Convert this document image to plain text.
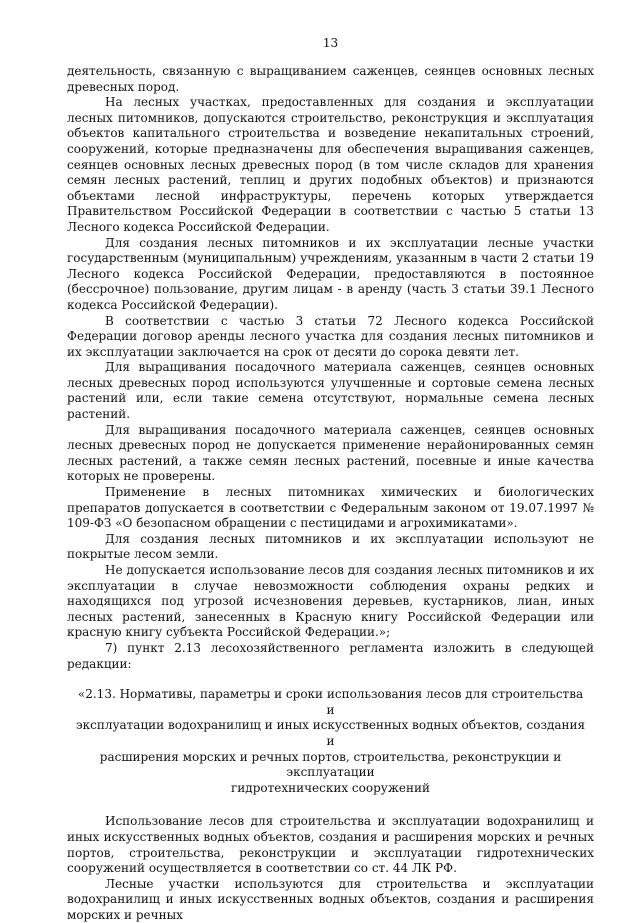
13

деятельность, связанную с выращиванием саженцев, сеянцев основных лесных древесных пород.

На лесных участках, предоставленных для создания и эксплуатации лесных питомников, допускаются строительство, реконструкция и эксплуатация объектов капитального строительства и возведение некапитальных строений, сооружений, которые предназначены для обеспечения выращивания саженцев, сеянцев основных лесных древесных пород (в том числе складов для хранения семян лесных растений, теплиц и других подобных объектов) и признаются объектами лесной инфраструктуры, перечень которых утверждается Правительством Российской Федерации в соответствии с частью 5 статьи 13 Лесного кодекса Российской Федерации.

Для создания лесных питомников и их эксплуатации лесные участки государственным (муниципальным) учреждениям, указанным в части 2 статьи 19 Лесного кодекса Российской Федерации, предоставляются в постоянное (бессрочное) пользование, другим лицам - в аренду (часть 3 статьи 39.1 Лесного кодекса Российской Федерации).

В соответствии с частью 3 статьи 72 Лесного кодекса Российской Федерации договор аренды лесного участка для создания лесных питомников и их эксплуатации заключается на срок от десяти до сорока девяти лет.

Для выращивания посадочного материала саженцев, сеянцев основных лесных древесных пород используются улучшенные и сортовые семена лесных растений или, если такие семена отсутствуют, нормальные семена лесных растений.

Для выращивания посадочного материала саженцев, сеянцев основных лесных древесных пород не допускается применение нерайонированных семян лесных растений, а также семян лесных растений, посевные и иные качества которых не проверены.

Применение в лесных питомниках химических и биологических препаратов допускается в соответствии с Федеральным законом от 19.07.1997 № 109-ФЗ «О безопасном обращении с пестицидами и агрохимикатами».

Для создания лесных питомников и их эксплуатации используют не покрытые лесом земли.

Не допускается использование лесов для создания лесных питомников и их эксплуатации в случае невозможности соблюдения охраны редких и находящихся под угрозой исчезновения деревьев, кустарников, лиан, иных лесных растений, занесенных в Красную книгу Российской Федерации или красную книгу субъекта Российской Федерации.»;

7) пункт 2.13 лесохозяйственного регламента изложить в следующей редакции:

«2.13. Нормативы, параметры и сроки использования лесов для строительства и

эксплуатации водохранилищ и иных искусственных водных объектов, создания и

расширения морских и речных портов, строительства, реконструкции и эксплуатации

гидротехнических сооружений

Использование лесов для строительства и эксплуатации водохранилищ и иных искусственных водных объектов, создания и расширения морских и речных портов, строительства, реконструкции и эксплуатации гидротехнических сооружений осуществляется в соответствии со ст. 44 ЛК РФ.

Лесные участки используются для строительства и эксплуатации водохранилищ и иных искусственных водных объектов, создания и расширения морских и речных
